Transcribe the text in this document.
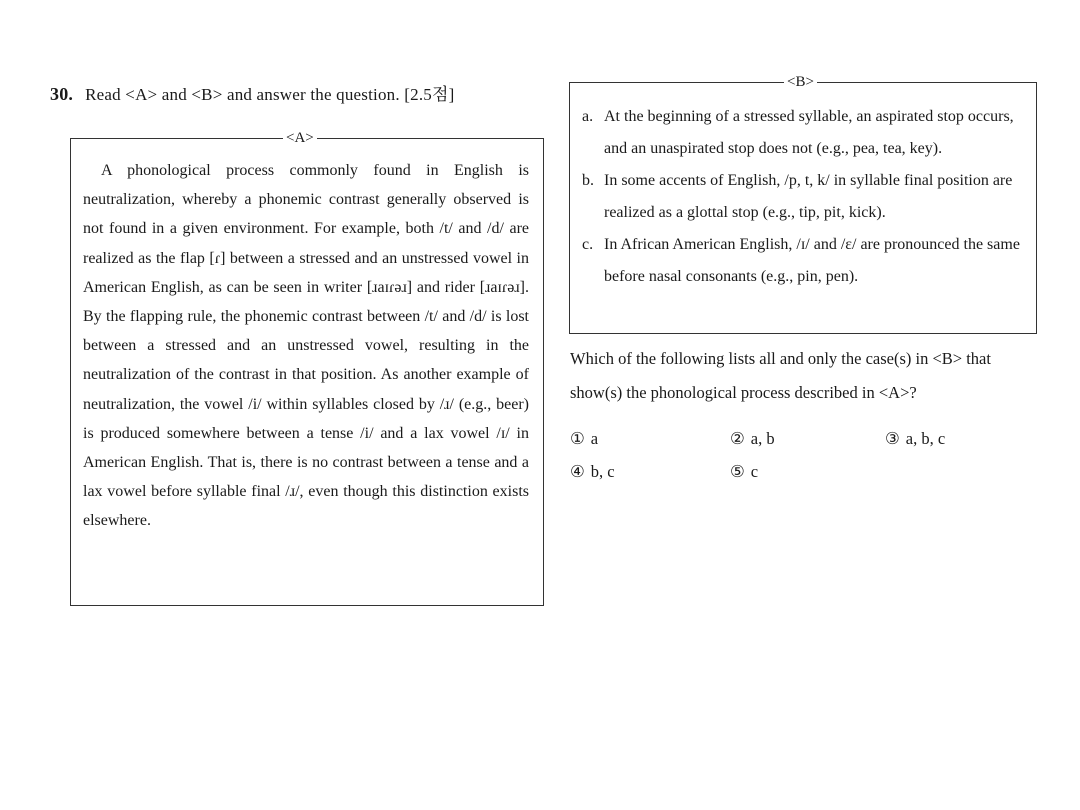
30. Read <A> and <B> and answer the question. [2.5점]
<A>
A phonological process commonly found in English is neutralization, whereby a phonemic contrast generally observed is not found in a given environment. For example, both /t/ and /d/ are realized as the flap [ɾ] between a stressed and an unstressed vowel in American English, as can be seen in writer [ɹaɪɾəɹ] and rider [ɹaɪɾəɹ]. By the flapping rule, the phonemic contrast between /t/ and /d/ is lost between a stressed and an unstressed vowel, resulting in the neutralization of the contrast in that position. As another example of neutralization, the vowel /i/ within syllables closed by /ɹ/ (e.g., beer) is produced somewhere between a tense /i/ and a lax vowel /ɪ/ in American English. That is, there is no contrast between a tense and a lax vowel before syllable final /ɹ/, even though this distinction exists elsewhere.
<B>
a. At the beginning of a stressed syllable, an aspirated stop occurs, and an unaspirated stop does not (e.g., pea, tea, key).
b. In some accents of English, /p, t, k/ in syllable final position are realized as a glottal stop (e.g., tip, pit, kick).
c. In African American English, /ɪ/ and /ɛ/ are pronounced the same before nasal consonants (e.g., pin, pen).
Which of the following lists all and only the case(s) in <B> that show(s) the phonological process described in <A>?
① a	② a, b	③ a, b, c
④ b, c	⑤ c
